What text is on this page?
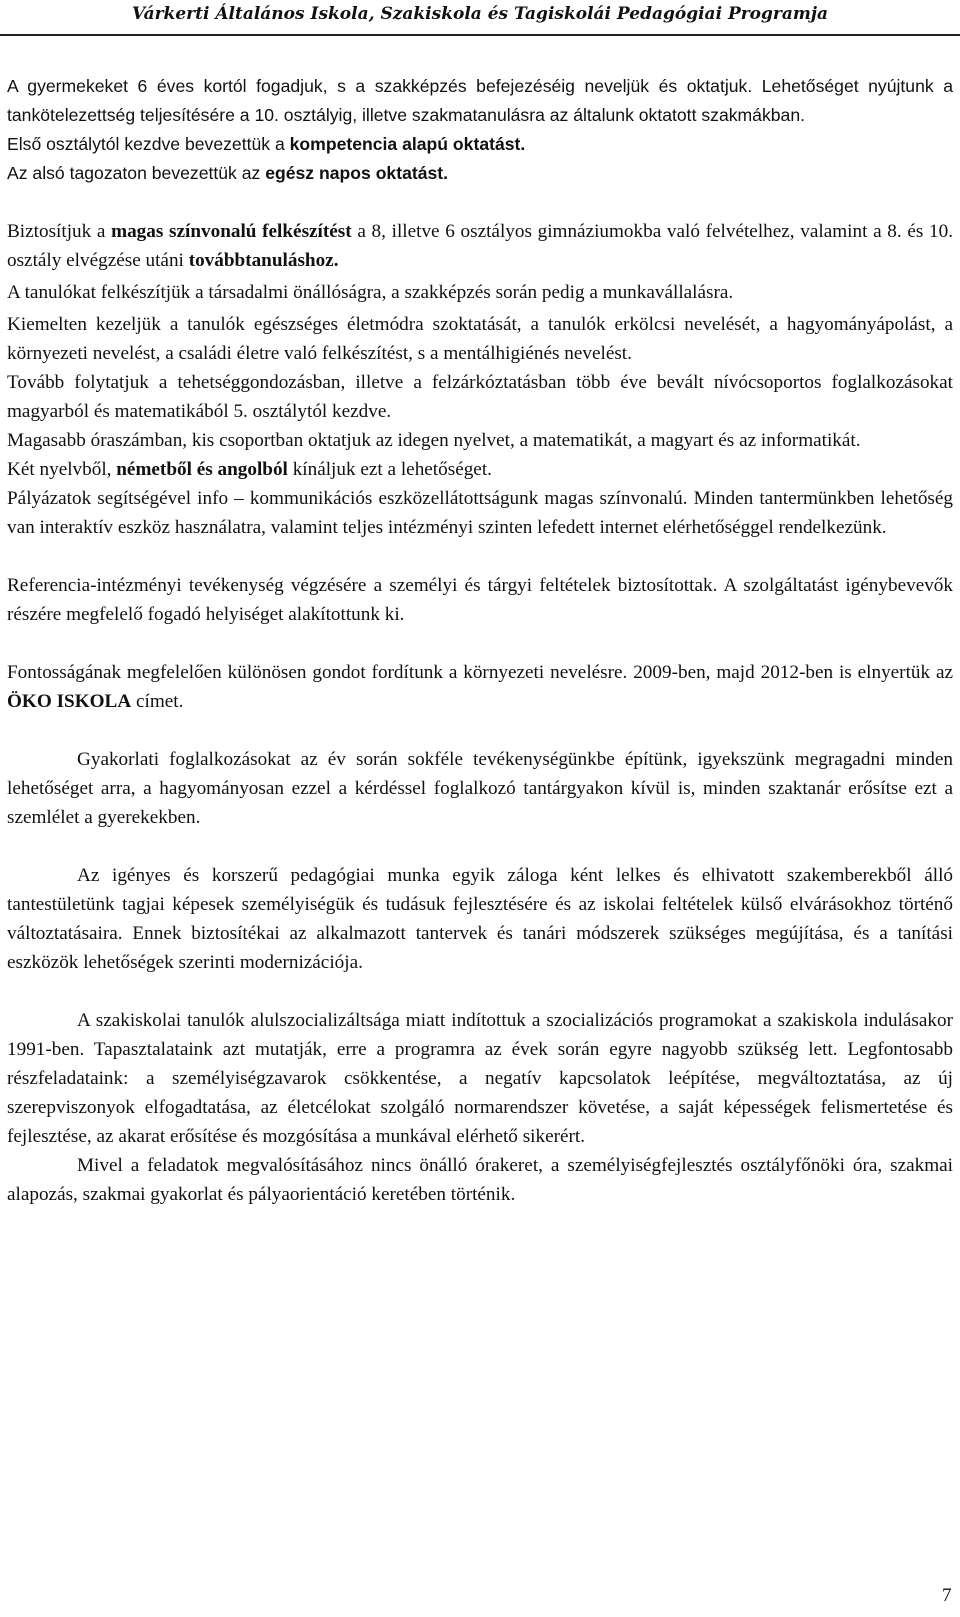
Várkerti Általános Iskola, Szakiskola és Tagiskolái Pedagógiai Programja

A gyermekeket 6 éves kortól fogadjuk, s a szakképzés befejezéséig neveljük és oktatjuk. Lehetőséget nyújtunk a tankötelezettség teljesítésére a 10. osztályig, illetve szakmatanulásra az általunk oktatott szakmákban.

Első osztálytól kezdve bevezettük a kompetencia alapú oktatást.

Az alsó tagozaton bevezettük az egész napos oktatást.

Biztosítjuk a magas színvonalú felkészítést a 8, illetve 6 osztályos gimnáziumokba való felvételhez, valamint a 8. és 10. osztály elvégzése utáni továbbtanuláshoz.

A tanulókat felkészítjük a társadalmi önállóságra, a szakképzés során pedig a munkavállalásra.

Kiemelten kezeljük a tanulók egészséges életmódra szoktatását, a tanulók erkölcsi nevelését, a hagyományápolást, a környezeti nevelést, a családi életre való felkészítést, s a mentálhigiénés nevelést.

Tovább folytatjuk a tehetséggondozásban, illetve a felzárkóztatásban több éve bevált nívócsoportos foglalkozásokat magyarból és matematikából 5. osztálytól kezdve.

Magasabb óraszámban, kis csoportban oktatjuk az idegen nyelvet, a matematikát, a magyart és az informatikát.

Két nyelvből, németből és angolból kínáljuk ezt a lehetőséget.

Pályázatok segítségével info – kommunikációs eszközellátottságunk magas színvonalú. Minden tantermünkben lehetőség van interaktív eszköz használatra, valamint teljes intézményi szinten lefedett internet elérhetőséggel rendelkezünk.

Referencia-intézményi tevékenység végzésére a személyi és tárgyi feltételek biztosítottak. A szolgáltatást igénybevevők részére megfelelő fogadó helyiséget alakítottunk ki.

Fontosságának megfelelően különösen gondot fordítunk a környezeti nevelésre. 2009-ben, majd 2012-ben is elnyertük az ÖKO ISKOLA címet.

Gyakorlati foglalkozásokat az év során sokféle tevékenységünkbe építünk, igyekszünk megragadni minden lehetőséget arra, a hagyományosan ezzel a kérdéssel foglalkozó tantárgyakon kívül is, minden szaktanár erősítse ezt a szemlélet a gyerekekben.

Az igényes és korszerű pedagógiai munka egyik záloga ként lelkes és elhivatott szakemberekből álló tantestületünk tagjai képesek személyiségük és tudásuk fejlesztésére és az iskolai feltételek külső elvárásokhoz történő változtatásaira. Ennek biztosítékai az alkalmazott tantervek és tanári módszerek szükséges megújítása, és a tanítási eszközök lehetőségek szerinti modernizációja.

A szakiskolai tanulók alulszocializáltsága miatt indítottuk a szocializációs programokat a szakiskola indulásakor 1991-ben. Tapasztalataink azt mutatják, erre a programra az évek során egyre nagyobb szükség lett. Legfontosabb részfeladataink: a személyiségzavarok csökkentése, a negatív kapcsolatok leépítése, megváltoztatása, az új szerepviszonyok elfogadtatása, az életcélokat szolgáló normarendszer követése, a saját képességek felismertetése és fejlesztése, az akarat erősítése és mozgósítása a munkával elérhető sikerért.

Mivel a feladatok megvalósításához nincs önálló órakeret, a személyiségfejlesztés osztályfőnöki óra, szakmai alapozás, szakmai gyakorlat és pályaorientáció keretében történik.

7
